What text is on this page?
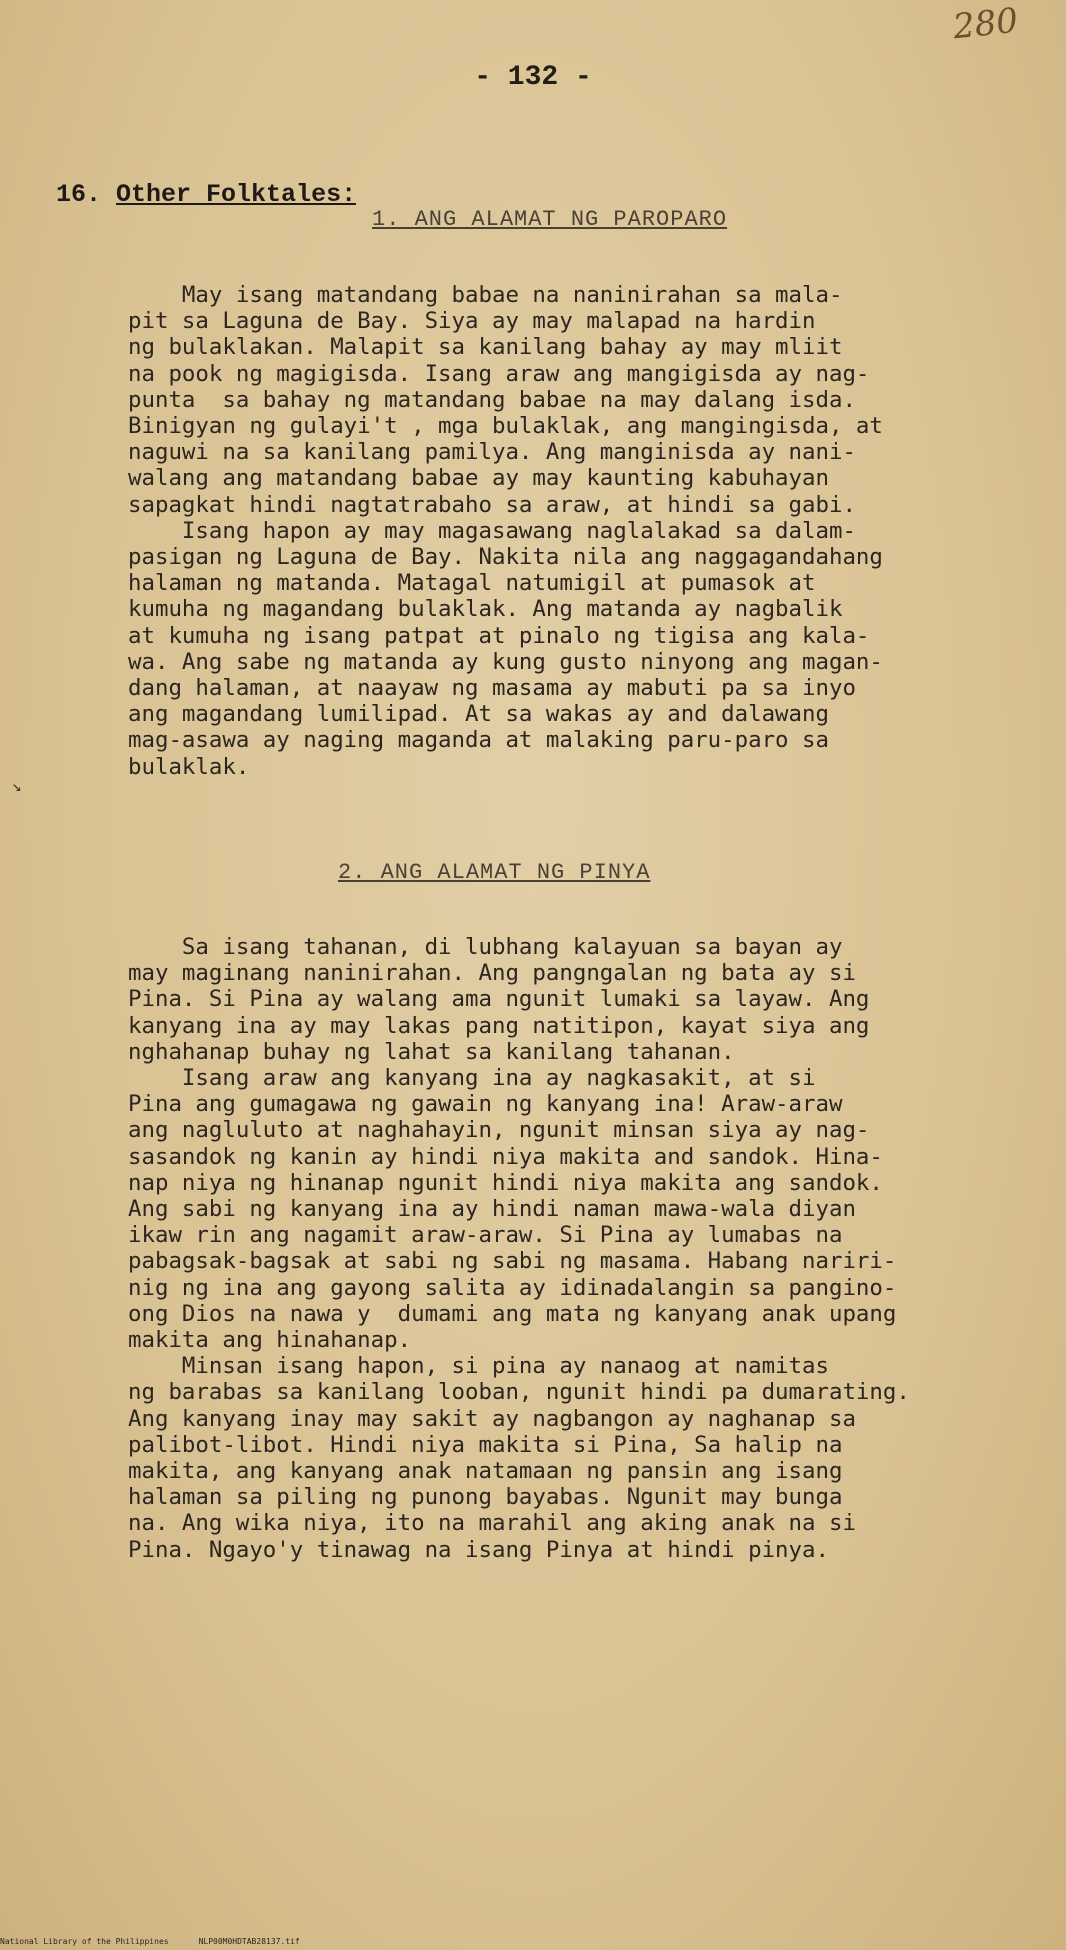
280
- 132 -
16. Other Folktales:
1. ANG ALAMAT NG PAROPARO
May isang matandang babae na naninirahan sa mala-
pit sa Laguna de Bay. Siya ay may malapad na hardin
ng bulaklakan. Malapit sa kanilang bahay ay may mliit
na pook ng magigisda. Isang araw ang mangigisda ay nag-
punta  sa bahay ng matandang babae na may dalang isda.
Binigyan ng gulayi't , mga bulaklak, ang mangingisda, at
naguwi na sa kanilang pamilya. Ang manginisda ay nani-
walang ang matandang babae ay may kaunting kabuhayan
sapagkat hindi nagtatrabaho sa araw, at hindi sa gabi.
Isang hapon ay may magasawang naglalakad sa dalam-
pasigan ng Laguna de Bay. Nakita nila ang naggagandahang
halaman ng matanda. Matagal natumigil at pumasok at
kumuha ng magandang bulaklak. Ang matanda ay nagbalik
at kumuha ng isang patpat at pinalo ng tigisa ang kala-
wa. Ang sabe ng matanda ay kung gusto ninyong ang magan-
dang halaman, at naayaw ng masama ay mabuti pa sa inyo
ang magandang lumilipad. At sa wakas ay and dalawang
mag-asawa ay naging maganda at malaking paru-paro sa
bulaklak.
↘
2. ANG ALAMAT NG PINYA
Sa isang tahanan, di lubhang kalayuan sa bayan ay
may maginang naninirahan. Ang pangngalan ng bata ay si
Pina. Si Pina ay walang ama ngunit lumaki sa layaw. Ang
kanyang ina ay may lakas pang natitipon, kayat siya ang
nghahanap buhay ng lahat sa kanilang tahanan.
Isang araw ang kanyang ina ay nagkasakit, at si
Pina ang gumagawa ng gawain ng kanyang ina! Araw-araw
ang nagluluto at naghahayin, ngunit minsan siya ay nag-
sasandok ng kanin ay hindi niya makita and sandok. Hina-
nap niya ng hinanap ngunit hindi niya makita ang sandok.
Ang sabi ng kanyang ina ay hindi naman mawa-wala diyan
ikaw rin ang nagamit araw-araw. Si Pina ay lumabas na
pabagsak-bagsak at sabi ng sabi ng masama. Habang nariri-
nig ng ina ang gayong salita ay idinadalangin sa pangino-
ong Dios na nawa y  dumami ang mata ng kanyang anak upang
makita ang hinahanap.
Minsan isang hapon, si pina ay nanaog at namitas
ng barabas sa kanilang looban, ngunit hindi pa dumarating.
Ang kanyang inay may sakit ay nagbangon ay naghanap sa
palibot-libot. Hindi niya makita si Pina, Sa halip na
makita, ang kanyang anak natamaan ng pansin ang isang
halaman sa piling ng punong bayabas. Ngunit may bunga
na. Ang wika niya, ito na marahil ang aking anak na si
Pina. Ngayo'y tinawag na isang Pinya at hindi pinya.
National Library of the Philippines	NLP00M0HDTAB28137.tif
